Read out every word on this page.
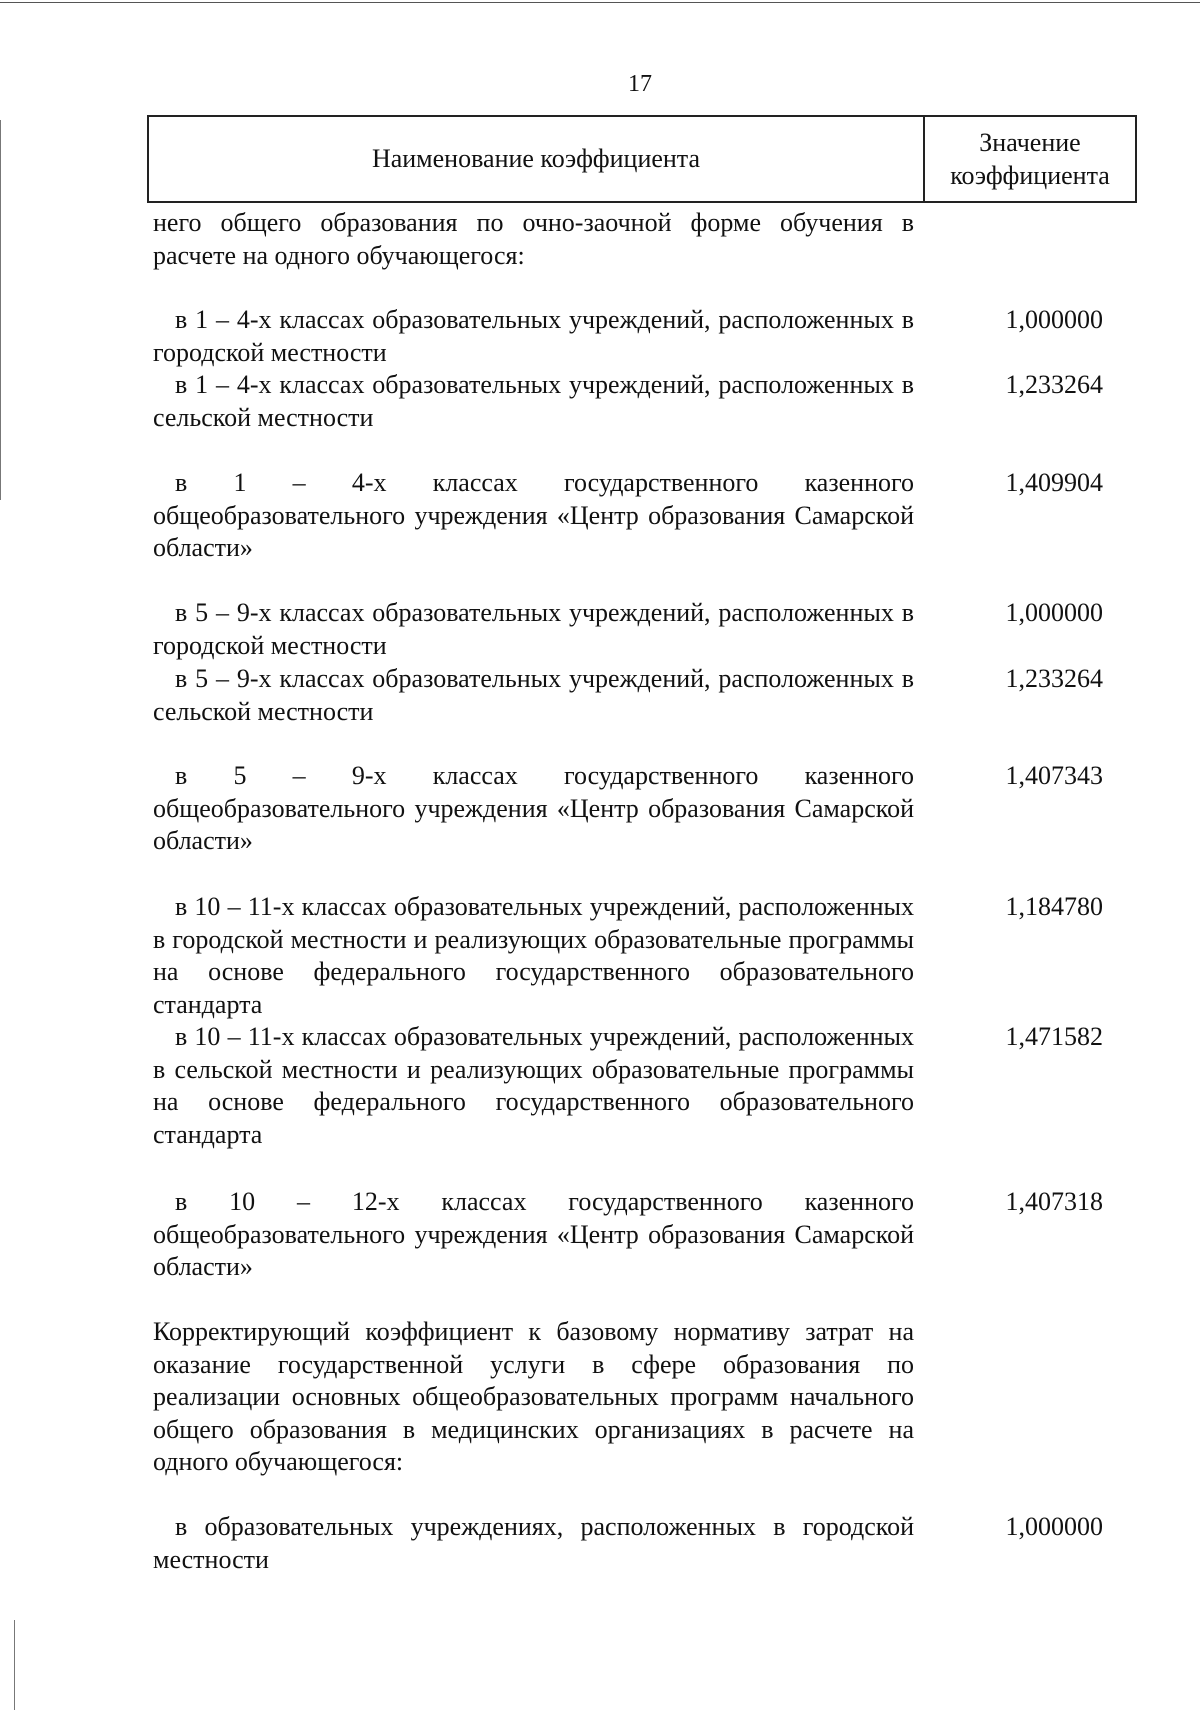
17
Наименование коэффициента
Значение
коэффициента
него общего образования по очно-заочной форме обучения в расчете на одного обучающегося:
в 1 – 4-х классах образовательных учреждений, расположенных в городской местности
1,000000
в 1 – 4-х классах образовательных учреждений, расположенных в сельской местности
1,233264
в 1 – 4-х классах государственного казенного общеобразовательного учреждения «Центр образования Самарской области»
1,409904
в 5 – 9-х классах образовательных учреждений, расположенных в городской местности
1,000000
в 5 – 9-х классах образовательных учреждений, расположенных в сельской местности
1,233264
в 5 – 9-х классах государственного казенного общеобразовательного учреждения «Центр образования Самарской области»
1,407343
в 10 – 11-х классах образовательных учреждений, расположенных в городской местности и реализующих образовательные программы на основе федерального государственного образовательного стандарта
1,184780
в 10 – 11-х классах образовательных учреждений, расположенных в сельской местности и реализующих образовательные программы на основе федерального государственного образовательного стандарта
1,471582
в 10 – 12-х классах государственного казенного общеобразовательного учреждения «Центр образования Самарской области»
1,407318
Корректирующий коэффициент к базовому нормативу затрат на оказание государственной услуги в сфере образования по реализации основных общеобразовательных программ начального общего образования в медицинских организациях в расчете на одного обучающегося:
в образовательных учреждениях, расположенных в городской местности
1,000000
